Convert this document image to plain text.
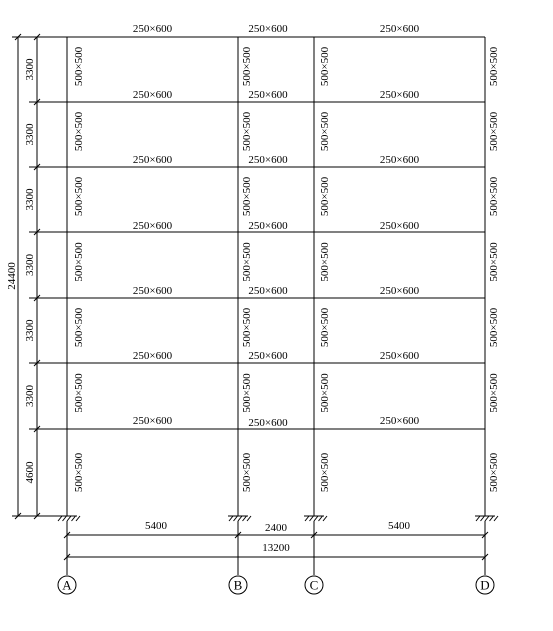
250×600	250×600	250×600
250×600	250×600	250×600
250×600	250×600	250×600
250×600	250×600	250×600
250×600	250×600	250×600
250×600	250×600	250×600
250×600	250×600	250×600
500×500	500×500	500×500	500×500
500×500	500×500	500×500	500×500
500×500	500×500	500×500	500×500
500×500	500×500	500×500	500×500
500×500	500×500	500×500	500×500
500×500	500×500	500×500	500×500
500×500	500×500	500×500	500×500
3300
3300
3300
3300
3300
3300
4600
24400
5400	2400	5400
13200
A	B	C	D
